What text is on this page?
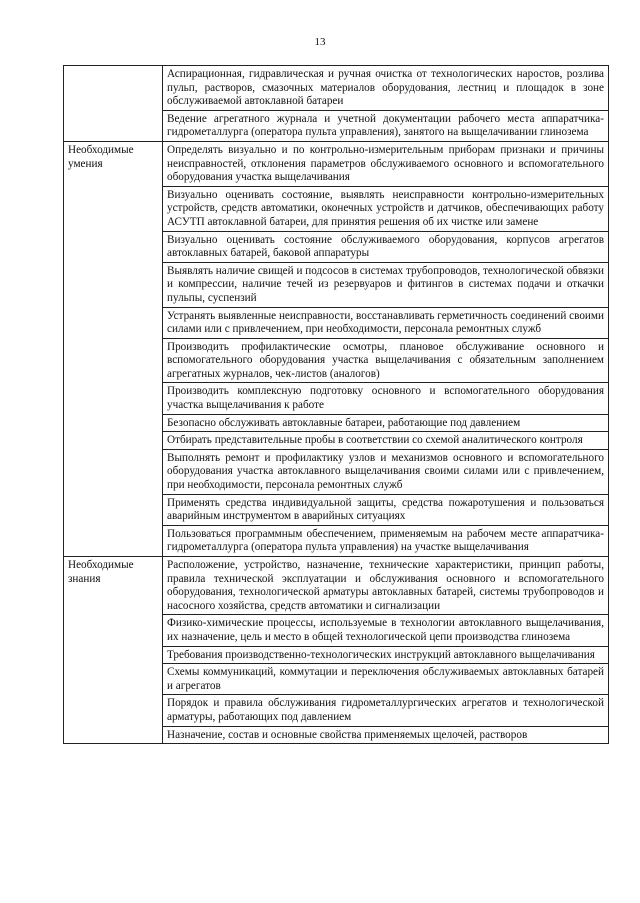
13
	Аспирационная, гидравлическая и ручная очистка от технологических наростов, розлива пульп, растворов, смазочных материалов оборудования, лестниц и площадок в зоне обслуживаемой автоклавной батареи
	Ведение агрегатного журнала и учетной документации рабочего места аппаратчика-гидрометаллурга (оператора пульта управления), занятого на выщелачивании глинозема
Необходимые умения	Определять визуально и по контрольно-измерительным приборам признаки и причины неисправностей, отклонения параметров обслуживаемого основного и вспомогательного оборудования участка выщелачивания
	Визуально оценивать состояние, выявлять неисправности контрольно-измерительных устройств, средств автоматики, оконечных устройств и датчиков, обеспечивающих работу АСУТП автоклавной батареи, для принятия решения об их чистке или замене
	Визуально оценивать состояние обслуживаемого оборудования, корпусов агрегатов автоклавных батарей, баковой аппаратуры
	Выявлять наличие свищей и подсосов в системах трубопроводов, технологической обвязки и компрессии, наличие течей из резервуаров и фитингов в системах подачи и откачки пульпы, суспензий
	Устранять выявленные неисправности, восстанавливать герметичность соединений своими силами или с привлечением, при необходимости, персонала ремонтных служб
	Производить профилактические осмотры, плановое обслуживание основного и вспомогательного оборудования участка выщелачивания с обязательным заполнением агрегатных журналов, чек-листов (аналогов)
	Производить комплексную подготовку основного и вспомогательного оборудования участка выщелачивания к работе
	Безопасно обслуживать автоклавные батареи, работающие под давлением
	Отбирать представительные пробы в соответствии со схемой аналитического контроля
	Выполнять ремонт и профилактику узлов и механизмов основного и вспомогательного оборудования участка автоклавного выщелачивания своими силами или с привлечением, при необходимости, персонала ремонтных служб
	Применять средства индивидуальной защиты, средства пожаротушения и пользоваться аварийным инструментом в аварийных ситуациях
	Пользоваться программным обеспечением, применяемым на рабочем месте аппаратчика-гидрометаллурга (оператора пульта управления) на участке выщелачивания
Необходимые знания	Расположение, устройство, назначение, технические характеристики, принцип работы, правила технической эксплуатации и обслуживания основного и вспомогательного оборудования, технологической арматуры автоклавных батарей, системы трубопроводов и насосного хозяйства, средств автоматики и сигнализации
	Физико-химические процессы, используемые в технологии автоклавного выщелачивания, их назначение, цель и место в общей технологической цепи производства глинозема
	Требования производственно-технологических инструкций автоклавного выщелачивания
	Схемы коммуникаций, коммутации и переключения обслуживаемых автоклавных батарей и агрегатов
	Порядок и правила обслуживания гидрометаллургических агрегатов и технологической арматуры, работающих под давлением
	Назначение, состав и основные свойства применяемых щелочей, растворов
